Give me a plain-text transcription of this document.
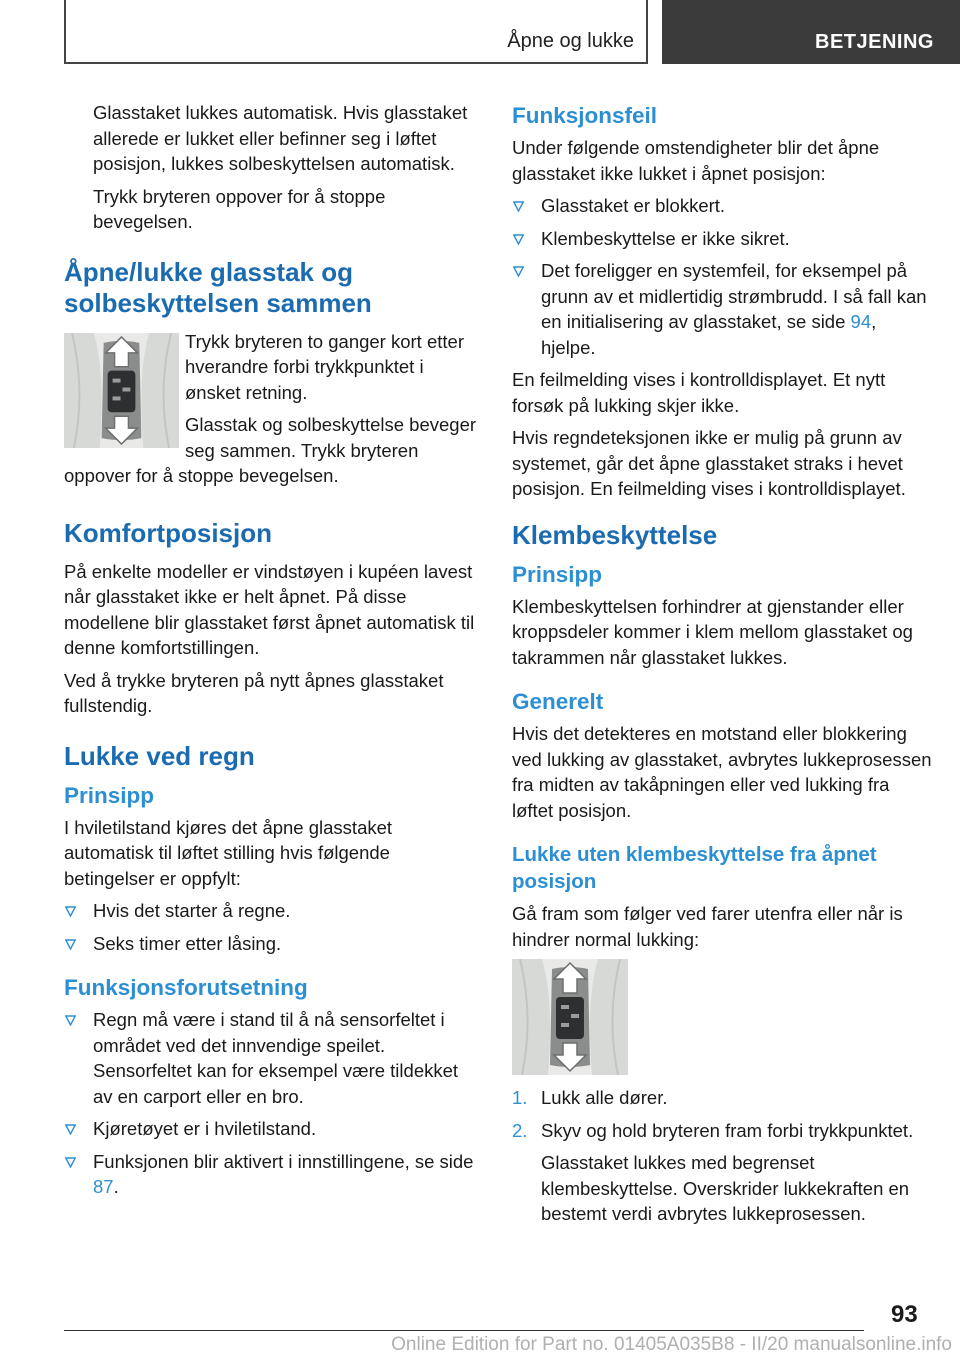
Åpne og lukke	BETJENING

Glasstaket lukkes automatisk. Hvis glasstaket allerede er lukket eller befinner seg i løftet posisjon, lukkes solbeskyttelsen automatisk.

Trykk bryteren oppover for å stoppe bevegelsen.

Åpne/lukke glasstak og solbeskyttelsen sammen

Trykk bryteren to ganger kort etter hverandre forbi trykkpunktet i ønsket retning.

Glasstak og solbeskyttelse beveger seg sammen. Trykk bryteren oppover for å stoppe bevegelsen.

Komfortposisjon

På enkelte modeller er vindstøyen i kupéen lavest når glasstaket ikke er helt åpnet. På disse modellene blir glasstaket først åpnet automatisk til denne komfortstillingen.

Ved å trykke bryteren på nytt åpnes glasstaket fullstendig.

Lukke ved regn
Prinsipp

I hviletilstand kjøres det åpne glasstaket automatisk til løftet stilling hvis følgende betingelser er oppfylt:

Hvis det starter å regne.
Seks timer etter låsing.
Funksjonsforutsetning
Regn må være i stand til å nå sensorfeltet i området ved det innvendige speilet. Sensorfeltet kan for eksempel være tildekket av en carport eller en bro.
Kjøretøyet er i hviletilstand.
Funksjonen blir aktivert i innstillingene, se side 87.
Funksjonsfeil

Under følgende omstendigheter blir det åpne glasstaket ikke lukket i åpnet posisjon:

Glasstaket er blokkert.
Klembeskyttelse er ikke sikret.
Det foreligger en systemfeil, for eksempel på grunn av et midlertidig strømbrudd. I så fall kan en initialisering av glasstaket, se side 94, hjelpe.

En feilmelding vises i kontrolldisplayet. Et nytt forsøk på lukking skjer ikke.

Hvis regndeteksjonen ikke er mulig på grunn av systemet, går det åpne glasstaket straks i hevet posisjon. En feilmelding vises i kontrolldisplayet.

Klembeskyttelse
Prinsipp

Klembeskyttelsen forhindrer at gjenstander eller kroppsdeler kommer i klem mellom glasstaket og takrammen når glasstaket lukkes.

Generelt

Hvis det detekteres en motstand eller blokkering ved lukking av glasstaket, avbrytes lukkeprosessen fra midten av takåpningen eller ved lukking fra løftet posisjon.

Lukke uten klembeskyttelse fra åpnet posisjon

Gå fram som følger ved farer utenfra eller når is hindrer normal lukking:

1. Lukk alle dører.
2. Skyv og hold bryteren fram forbi trykkpunktet.

Glasstaket lukkes med begrenset klembeskyttelse. Overskrider lukkekraften en bestemt verdi avbrytes lukkeprosessen.

93
Online Edition for Part no. 01405A035B8 - II/20 manualsonline.info
